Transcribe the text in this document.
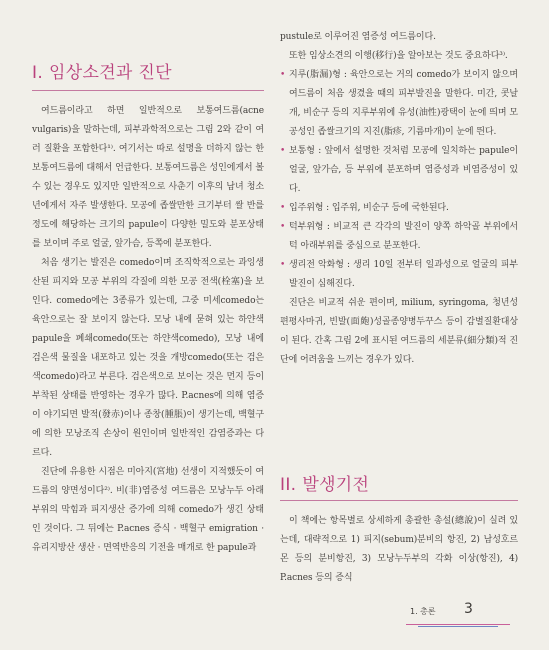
I. 임상소견과 진단

여드름이라고 하면 일반적으로 보통여드름(acne vulgaris)을 말하는데, 피부과학적으로는 그림 2와 같이 여러 질환을 포함한다¹⁾. 여기서는 따로 설명을 더하지 않는 한 보통여드름에 대해서 언급한다. 보통여드름은 성인에게서 볼 수 있는 경우도 있지만 일반적으로 사춘기 이후의 남녀 청소년에게서 자주 발생한다. 모공에 좁쌀만한 크기부터 쌀 반를 정도에 해당하는 크기의 papule이 다양한 밀도와 분포상태를 보이며 주로 얼굴, 앞가슴, 등쪽에 분포한다.

처음 생기는 발진은 comedo이며 조직학적으로는 과잉생산된 피지와 모공 부위의 각질에 의한 모공 전색(栓塞)을 보인다. comedo에는 3종류가 있는데, 그중 미세comedo는 육안으로는 잘 보이지 않는다. 모낭 내에 묻혀 있는 하얀색 papule을 폐쇄comedo(또는 하얀색comedo), 모낭 내에 검은색 물질을 내포하고 있는 것을 개방comedo(또는 검은색comedo)라고 부른다. 검은색으로 보이는 것은 먼지 등이 부착된 상태를 반영하는 경우가 많다. P.acnes에 의해 염증이 야기되면 발적(發赤)이나 종창(腫脹)이 생기는데, 백혈구에 의한 모낭조직 손상이 원인이며 일반적인 감염증과는 다르다.

진단에 유용한 시점은 미아지(宮地) 선생이 지적했듯이 여드름의 양면성이다²⁾. 비(非)염증성 여드름은 모낭누두 아래부위의 막힘과 피지생산 증가에 의해 comedo가 생긴 상태인 것이다. 그 뒤에는 P.acnes 증식 · 백혈구 emigration · 유리지방산 생산 · 면역반응의 기전을 매개로 한 papule과

pustule로 이루어진 염증성 여드름이다.

또한 임상소견의 이행(移行)을 알아보는 것도 중요하다³⁾.

• 지루(脂漏)형 : 육안으로는 거의 comedo가 보이지 않으며 여드름이 처음 생겼을 때의 피부발진을 말한다. 미간, 콧날개, 비순구 등의 지루부위에 유성(油性)광택이 눈에 띄며 모공성인 좁쌀크기의 지진(脂疹, 기름마개)이 눈에 띈다.
• 보통형 : 앞에서 설명한 것처럼 모공에 일치하는 papule이 얼굴, 앞가슴, 등 부위에 분포하며 염증성과 비염증성이 있다.
• 입주위형 : 입주위, 비순구 등에 국한된다.
• 턱부위형 : 비교적 큰 각각의 발진이 양쪽 하악골 부위에서 턱 아래부위를 중심으로 분포한다.
• 생리전 악화형 : 생리 10일 전부터 일과성으로 얼굴의 피부발진이 심해진다.

진단은 비교적 쉬운 편이며, milium, syringoma, 청년성 편평사마귀, 빈발(面皰)성골종양병두꾸스 등이 감별질환대상이 된다. 간혹 그림 2에 표시된 여드름의 세분류(細分類)적 진단에 어려움을 느끼는 경우가 있다.

II. 발생기전

이 책에는 항목별로 상세하게 총괄한 총설(總說)이 실려 있는데, 대략적으로 1) 피지(sebum)분비의 항진, 2) 남성호르몬 등의 분비항진, 3) 모낭누두부의 각화 이상(항진), 4) P.acnes 등의 증식

1. 총론 3
